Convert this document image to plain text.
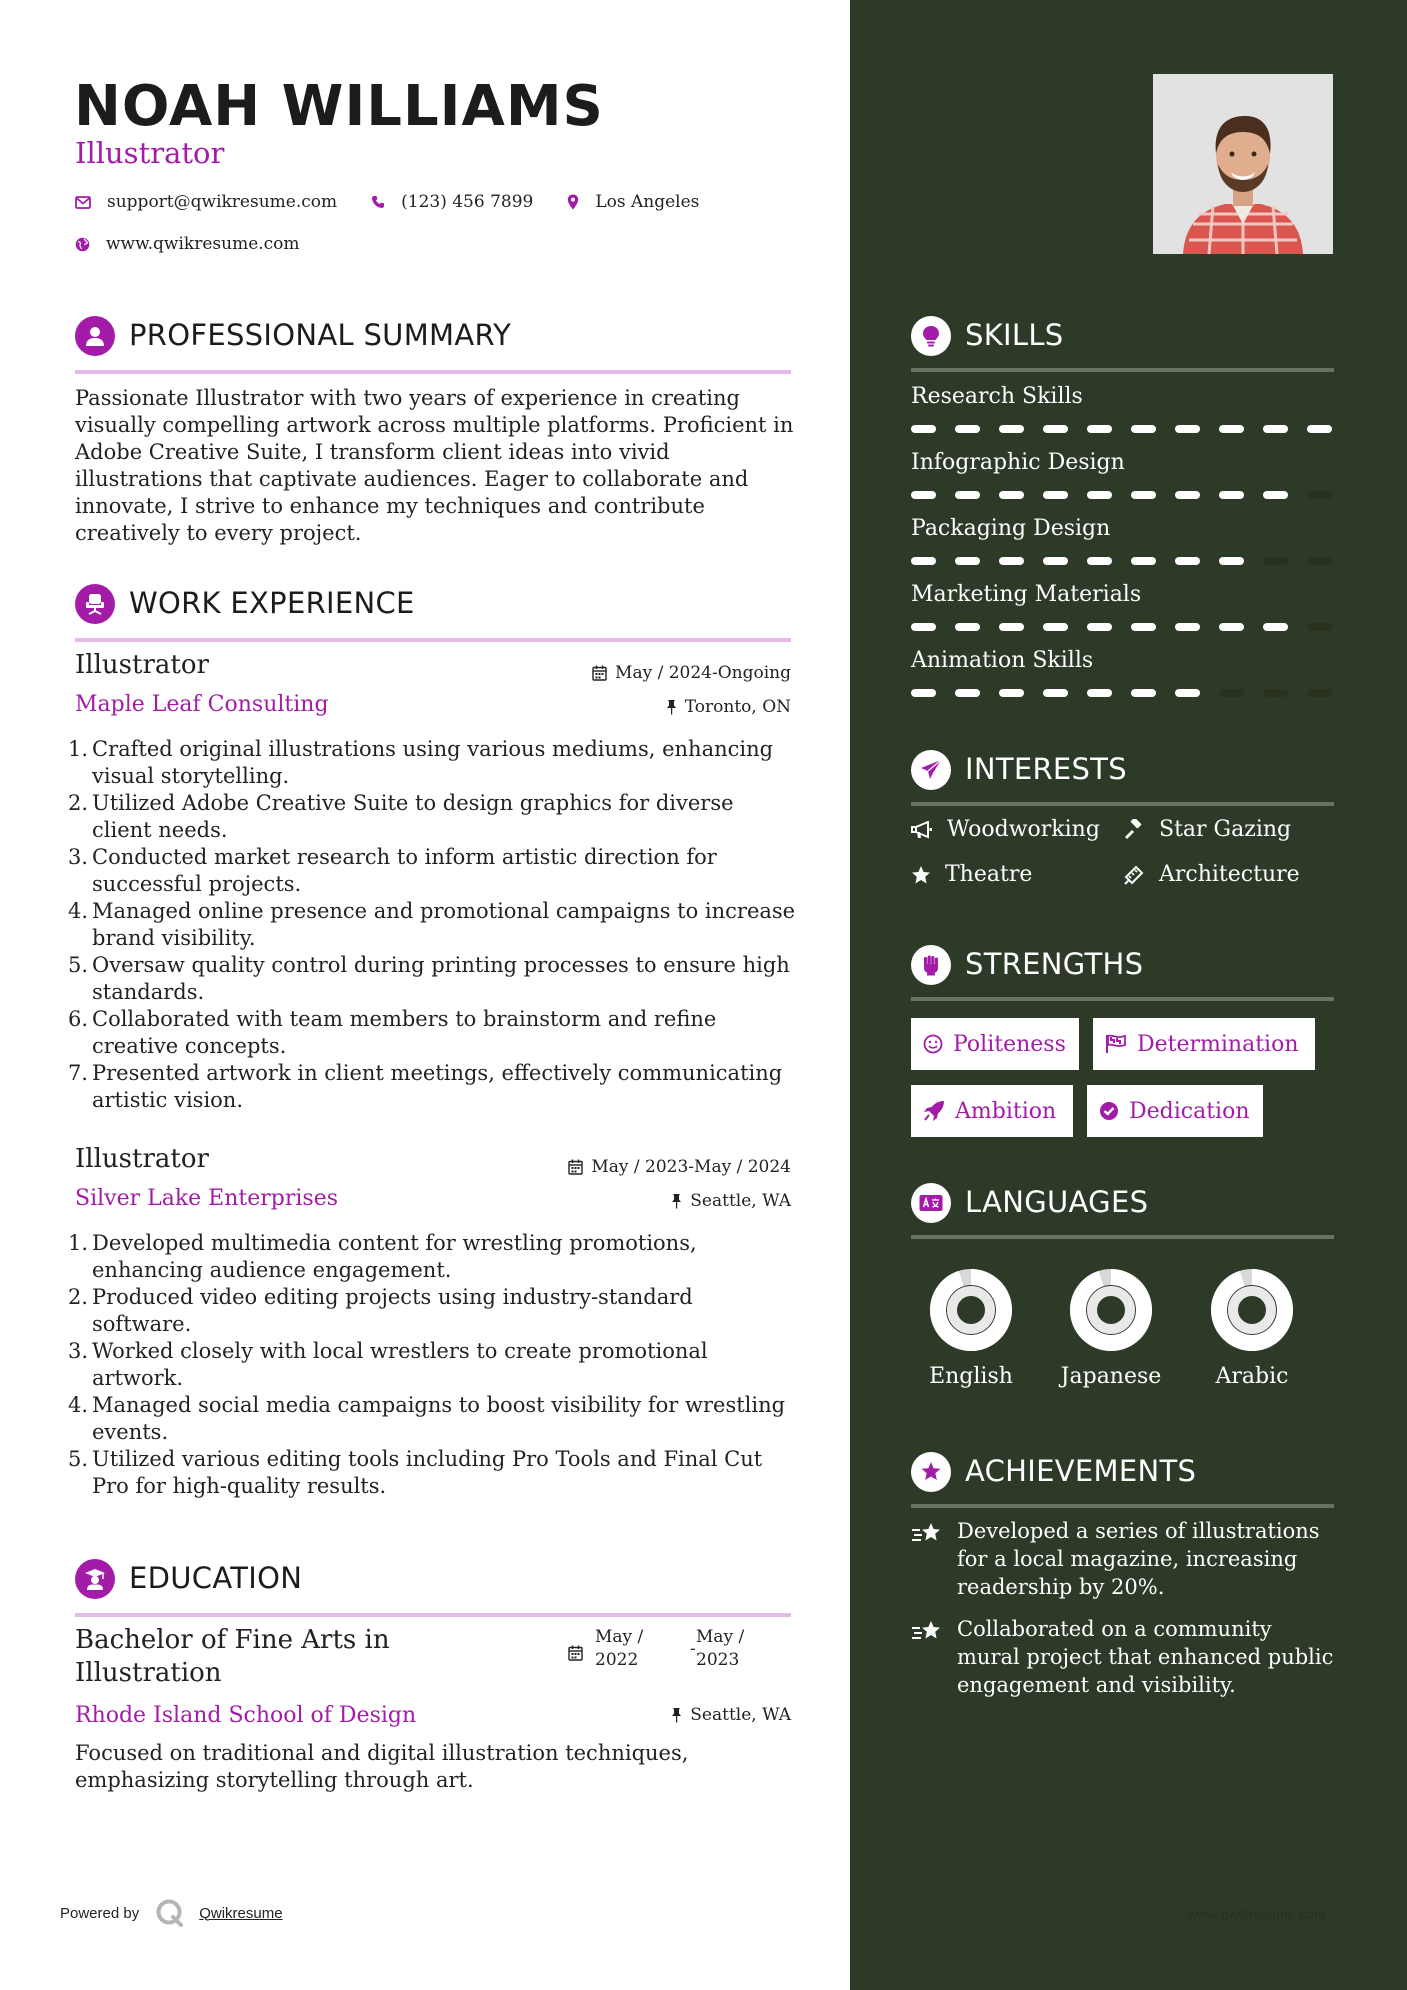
NOAH WILLIAMS
Illustrator
support@qwikresume.com	(123) 456 7899	Los Angeles
www.qwikresume.com
PROFESSIONAL SUMMARY
Passionate Illustrator with two years of experience in creating visually compelling artwork across multiple platforms. Proficient in Adobe Creative Suite, I transform client ideas into vivid illustrations that captivate audiences. Eager to collaborate and innovate, I strive to enhance my techniques and contribute creatively to every project.
WORK EXPERIENCE
Illustrator	May / 2024-Ongoing
Maple Leaf Consulting	Toronto, ON
1. Crafted original illustrations using various mediums, enhancing visual storytelling.
2. Utilized Adobe Creative Suite to design graphics for diverse client needs.
3. Conducted market research to inform artistic direction for successful projects.
4. Managed online presence and promotional campaigns to increase brand visibility.
5. Oversaw quality control during printing processes to ensure high standards.
6. Collaborated with team members to brainstorm and refine creative concepts.
7. Presented artwork in client meetings, effectively communicating artistic vision.
Illustrator	May / 2023-May / 2024
Silver Lake Enterprises	Seattle, WA
1. Developed multimedia content for wrestling promotions, enhancing audience engagement.
2. Produced video editing projects using industry-standard software.
3. Worked closely with local wrestlers to create promotional artwork.
4. Managed social media campaigns to boost visibility for wrestling events.
5. Utilized various editing tools including Pro Tools and Final Cut Pro for high-quality results.
EDUCATION
Bachelor of Fine Arts in Illustration
May / 2022
-
May / 2023
Rhode Island School of Design	Seattle, WA
Focused on traditional and digital illustration techniques, emphasizing storytelling through art.
Powered by	Qwikresume
SKILLS
Research Skills
Infographic Design
Packaging Design
Marketing Materials
Animation Skills
INTERESTS
Woodworking	Star Gazing
Theatre	Architecture
STRENGTHS
Politeness	Determination
Ambition	Dedication
LANGUAGES
English	Japanese	Arabic
ACHIEVEMENTS
Developed a series of illustrations for a local magazine, increasing readership by 20%.
Collaborated on a community mural project that enhanced public engagement and visibility.
www.qwikresume.com
